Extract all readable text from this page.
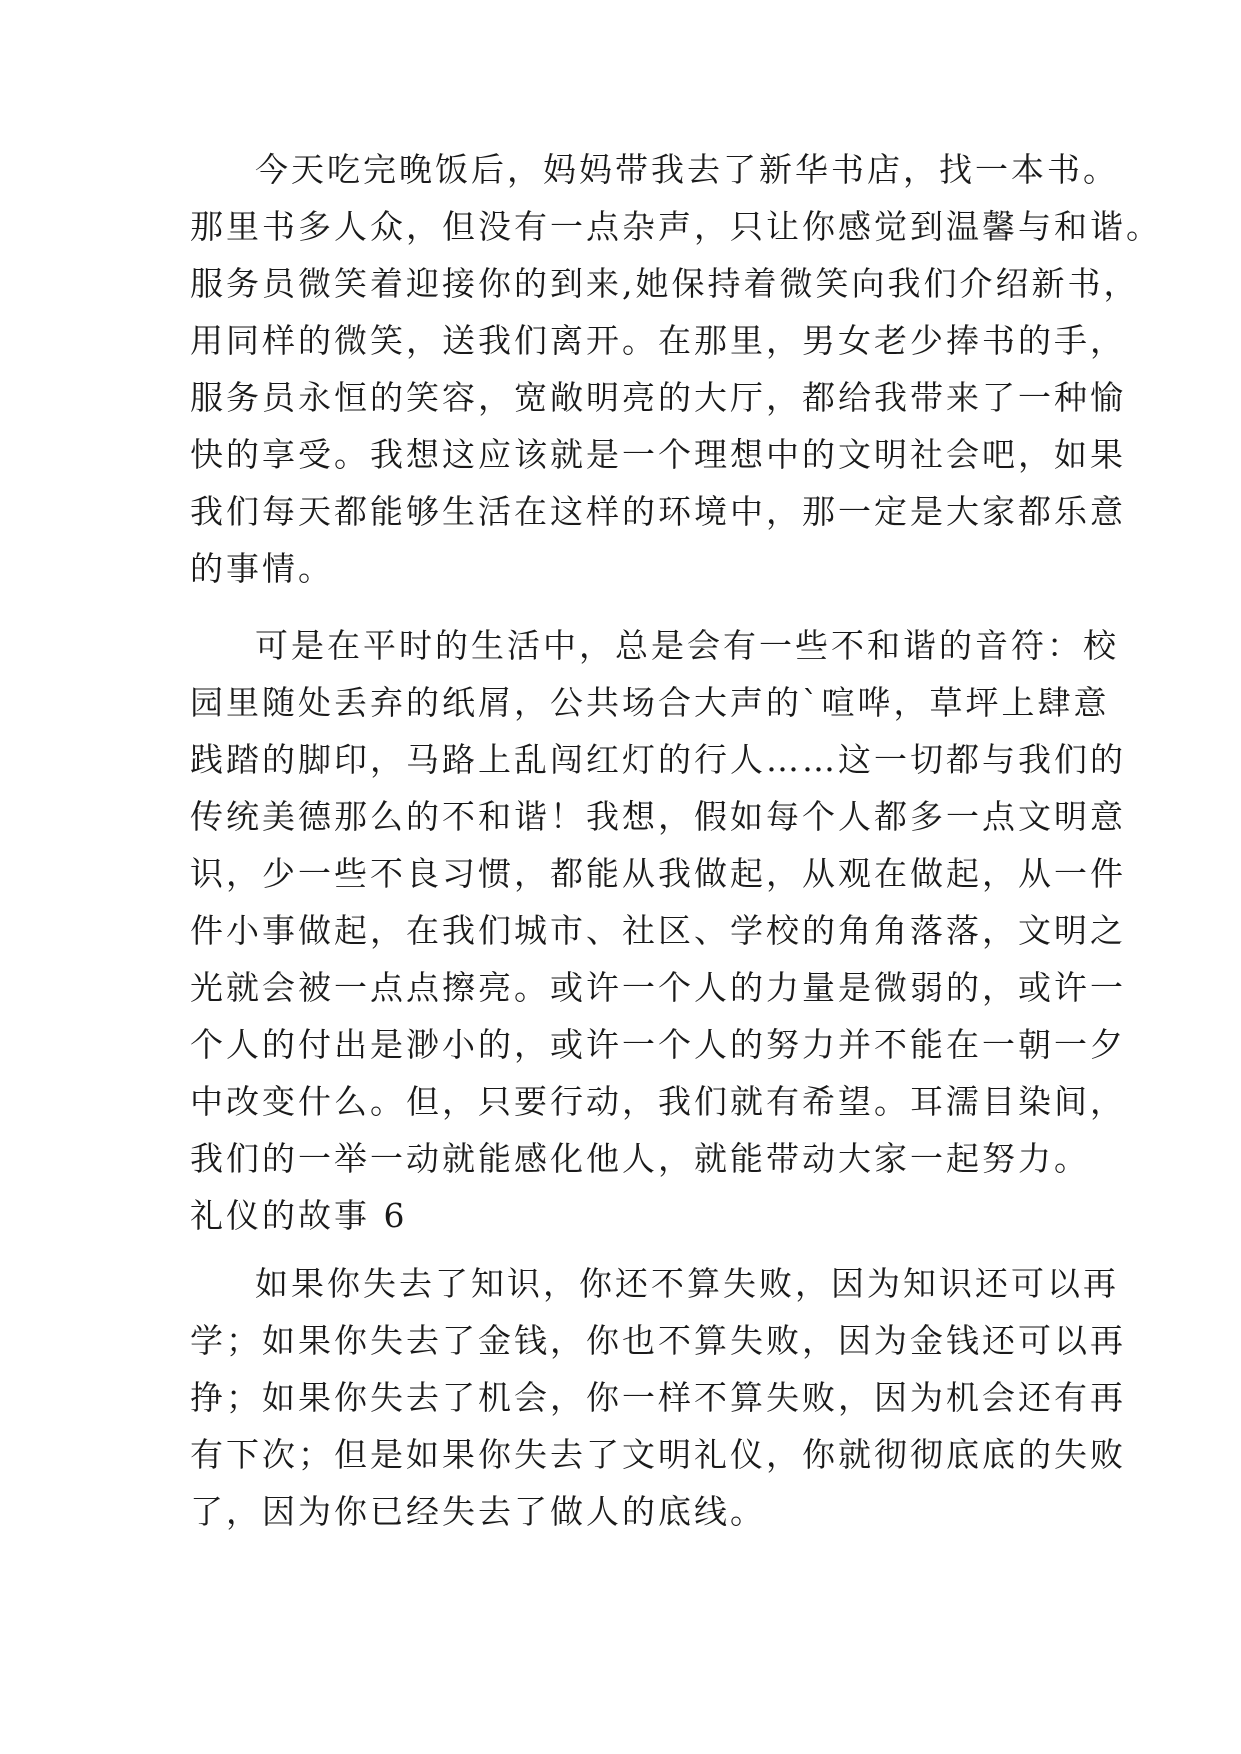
今天吃完晚饭后，妈妈带我去了新华书店，找一本书。

那里书多人众，但没有一点杂声，只让你感觉到温馨与和谐。

服务员微笑着迎接你的到来,她保持着微笑向我们介绍新书，

用同样的微笑，送我们离开。在那里，男女老少捧书的手，

服务员永恒的笑容，宽敞明亮的大厅，都给我带来了一种愉

快的享受。我想这应该就是一个理想中的文明社会吧，如果

我们每天都能够生活在这样的环境中，那一定是大家都乐意

的事情。

可是在平时的生活中，总是会有一些不和谐的音符：校

园里随处丢弃的纸屑，公共场合大声的`喧哗，草坪上肆意

践踏的脚印，马路上乱闯红灯的行人……这一切都与我们的

传统美德那么的不和谐！我想，假如每个人都多一点文明意

识，少一些不良习惯，都能从我做起，从观在做起，从一件

件小事做起，在我们城市、社区、学校的角角落落，文明之

光就会被一点点擦亮。或许一个人的力量是微弱的，或许一

个人的付出是渺小的，或许一个人的努力并不能在一朝一夕

中改变什么。但，只要行动，我们就有希望。耳濡目染间，

我们的一举一动就能感化他人，就能带动大家一起努力。

礼仪的故事 6

如果你失去了知识，你还不算失败，因为知识还可以再

学；如果你失去了金钱，你也不算失败，因为金钱还可以再

挣；如果你失去了机会，你一样不算失败，因为机会还有再

有下次；但是如果你失去了文明礼仪，你就彻彻底底的失败

了，因为你已经失去了做人的底线。
